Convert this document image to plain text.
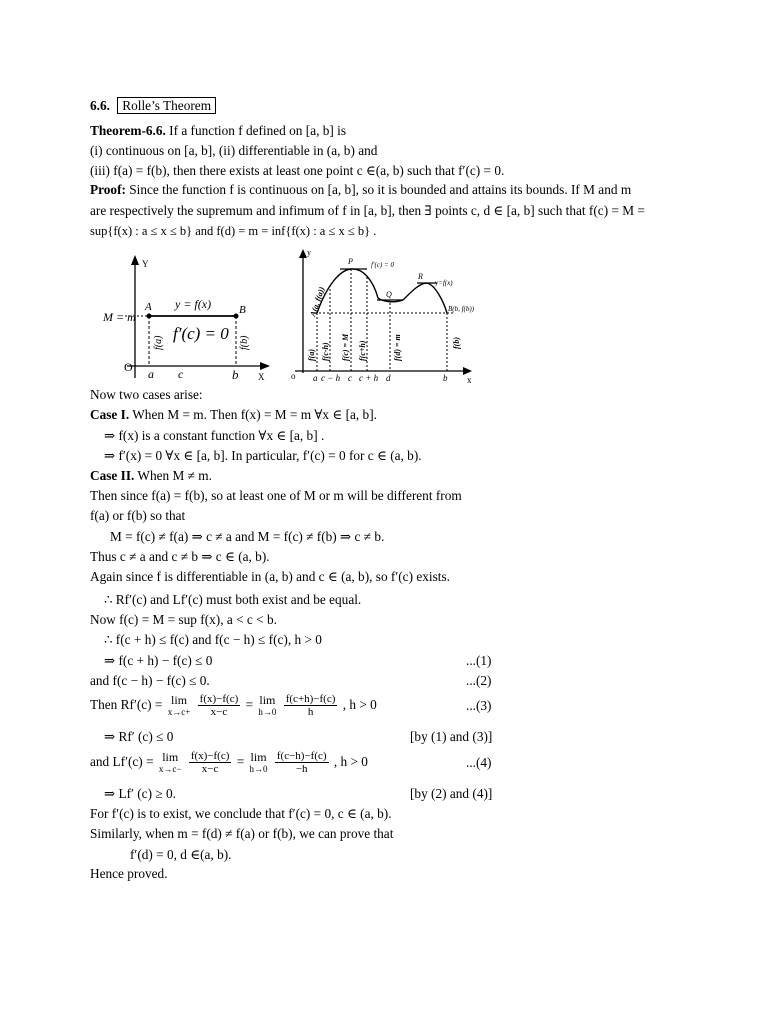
6.6. Rolle’s Theorem
Theorem-6.6. If a function f defined on [a, b] is
(i) continuous on [a, b], (ii) differentiable in (a, b) and
(iii) f(a) = f(b), then there exists at least one point c ∈(a, b) such that f′(c) = 0.
Proof: Since the function f is continuous on [a, b], so it is bounded and attains its bounds. If M and m
are respectively the supremum and infimum of f in [a, b], then ∃ points c, d ∈ [a, b] such that f(c) = M =
sup{f(x) : a ≤ x ≤ b} and f(d) = m = inf{f(x) : a ≤ x ≤ b} .
Y
X
O
M = m
A	B
y = f(x)
f′(c) = 0
f(a)	f(b)
a c	b
y
x
o
P
Q
R
f′(c) = 0
y=f(x)
A(a, f(a))	B(b, f(b))
f(a) f(c-h) f(c) = M f(c+h)	f(d) = m	f(b)
a c − h c c + h d	b
Now two cases arise:
Case I. When M = m. Then f(x) = M = m ∀x ∈ [a, b].
⇒ f(x) is a constant function ∀x ∈ [a, b] .
⇒ f′(x) = 0 ∀x ∈ [a, b]. In particular, f′(c) = 0 for c ∈ (a, b).
Case II. When M ≠ m.
Then since f(a) = f(b), so at least one of M or m will be different from
f(a) or f(b) so that
M = f(c) ≠ f(a) ⇒ c ≠ a and M = f(c) ≠ f(b) ⇒ c ≠ b.
Thus c ≠ a and c ≠ b ⇒ c ∈ (a, b).
Again since f is differentiable in (a, b) and c ∈ (a, b), so f′(c) exists.
∴ Rf′(c) and Lf′(c) must both exist and be equal.
Now f(c) = M = sup f(x), a < c < b.
∴ f(c + h) ≤ f(c) and f(c − h) ≤ f(c), h > 0
⇒ f(c + h) − f(c) ≤ 0	...(1)
and f(c − h) − f(c) ≤ 0.	...(2)
Then Rf′(c) = lim
x→c+
$\frac{f(x)-f(c)}{x-c} = \lim$
h→0
$\frac{f(c+h)-f(c)}{h}$ , h > 0	...(3)
⇒ Rf′ (c) ≤ 0	[by (1) and (3)]
and Lf′(c) = lim
x→c−
$\frac{f(x)-f(c)}{x-c} = \lim$
h→0
$\frac{f(c-h)-f(c)}{-h}$ , h > 0	...(4)
⇒ Lf′ (c) ≥ 0.	[by (2) and (4)]
For f′(c) is to exist, we conclude that f′(c) = 0, c ∈ (a, b).
Similarly, when m = f(d) ≠ f(a) or f(b), we can prove that
f′(d) = 0, d ∈(a, b).
Hence proved.
